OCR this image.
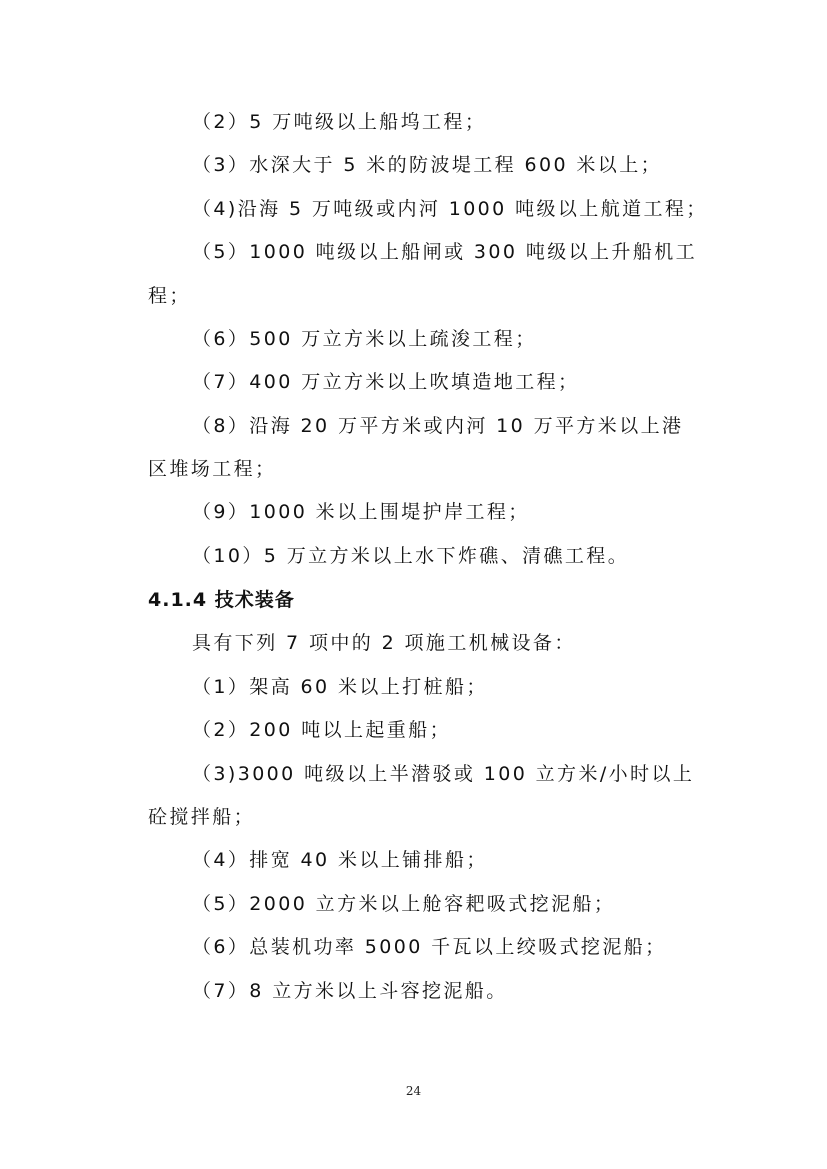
（2）5 万吨级以上船坞工程；
（3）水深大于 5 米的防波堤工程 600 米以上；
（4)沿海 5 万吨级或内河 1000 吨级以上航道工程；
（5）1000 吨级以上船闸或 300 吨级以上升船机工
程；
（6）500 万立方米以上疏浚工程；
（7）400 万立方米以上吹填造地工程；
（8）沿海 20 万平方米或内河 10 万平方米以上港
区堆场工程；
（9）1000 米以上围堤护岸工程；
（10）5 万立方米以上水下炸礁、清礁工程。
4.1.4 技术装备
具有下列 7 项中的 2 项施工机械设备：
（1）架高 60 米以上打桩船；
（2）200 吨以上起重船；
（3)3000 吨级以上半潜驳或 100 立方米/小时以上
砼搅拌船；
（4）排宽 40 米以上铺排船；
（5）2000 立方米以上舱容耙吸式挖泥船；
（6）总装机功率 5000 千瓦以上绞吸式挖泥船；
（7）8 立方米以上斗容挖泥船。
24
